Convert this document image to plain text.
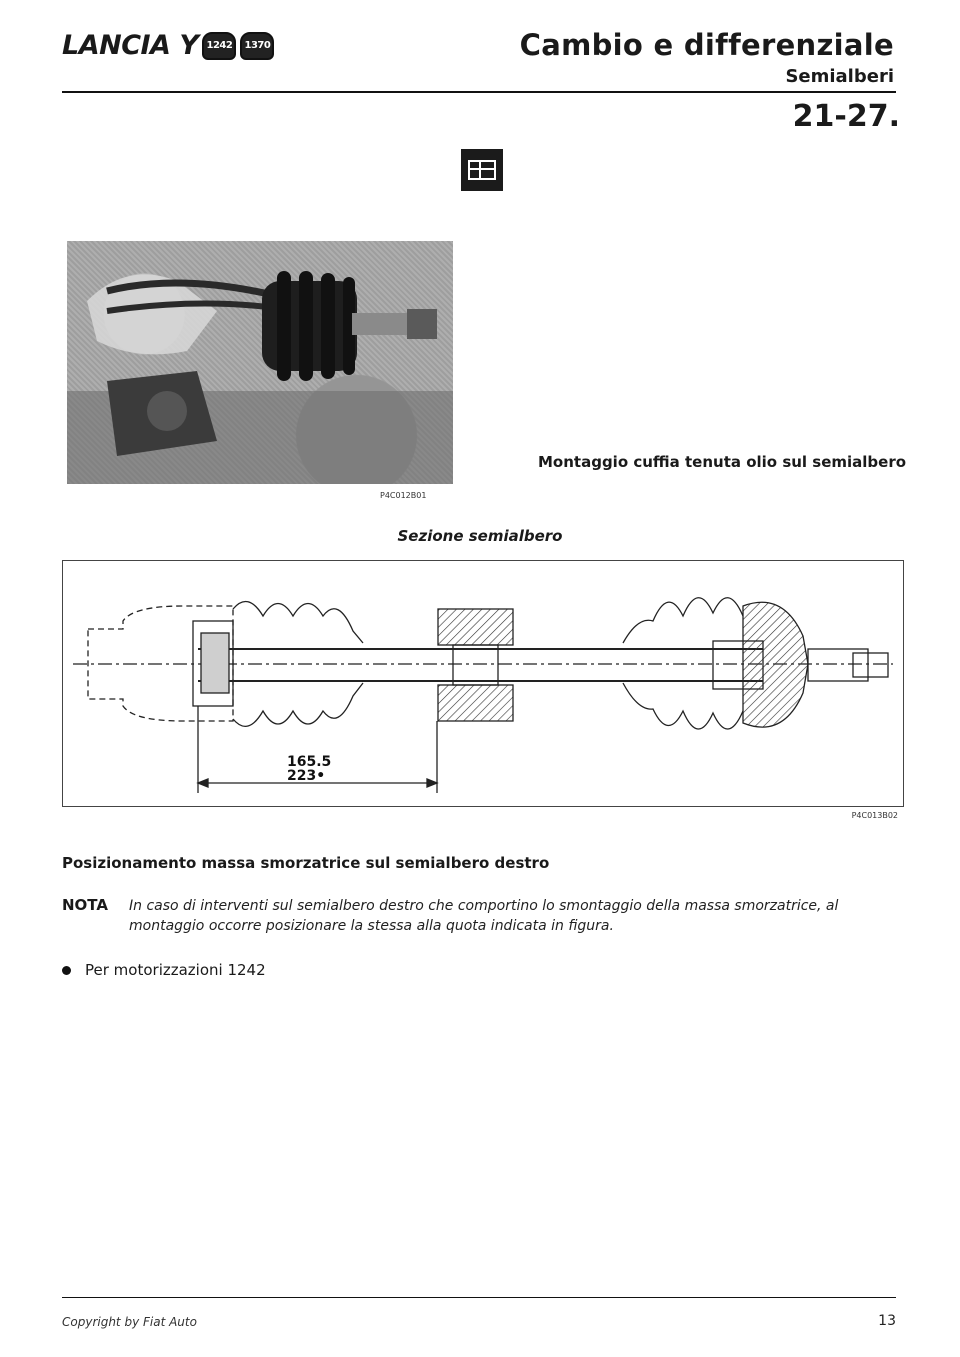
LANCIA Y 1242	1370	Cambio e differenziale
Semialberi
21-27.
P4C012B01
Montaggio cuffia tenuta olio sul semialbero
Sezione semialbero
165.5
223•
P4C013B02
Posizionamento massa smorzatrice sul semialbero destro
NOTA In caso di interventi sul semialbero destro che comportino lo smontaggio della massa smorzatrice, al montaggio occorre posizionare la stessa alla quota indicata in figura.
Per motorizzazioni 1242
Copyright by Fiat Auto	13
